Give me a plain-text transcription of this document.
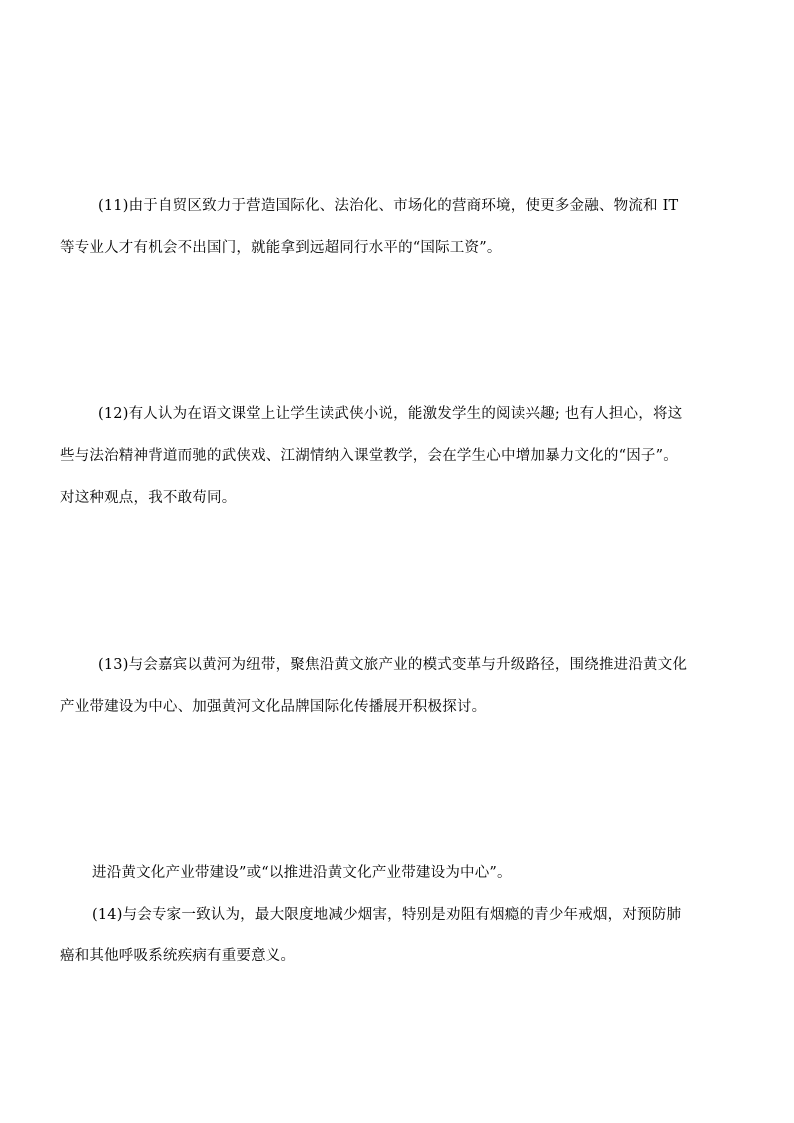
(11)由于自贸区致力于营造国际化、法治化、市场化的营商环境，使更多金融、物流和 IT
等专业人才有机会不出国门，就能拿到远超同行水平的“国际工资”。
(12)有人认为在语文课堂上让学生读武侠小说，能激发学生的阅读兴趣; 也有人担心，将这
些与法治精神背道而驰的武侠戏、江湖情纳入课堂教学，会在学生心中增加暴力文化的“因子”。
对这种观点，我不敢苟同。
(13)与会嘉宾以黄河为纽带，聚焦沿黄文旅产业的模式变革与升级路径，围绕推进沿黄文化
产业带建设为中心、加强黄河文化品牌国际化传播展开积极探讨。
进沿黄文化产业带建设”或“以推进沿黄文化产业带建设为中心”。
(14)与会专家一致认为，最大限度地减少烟害，特别是劝阻有烟瘾的青少年戒烟，对预防肺
癌和其他呼吸系统疾病有重要意义。
